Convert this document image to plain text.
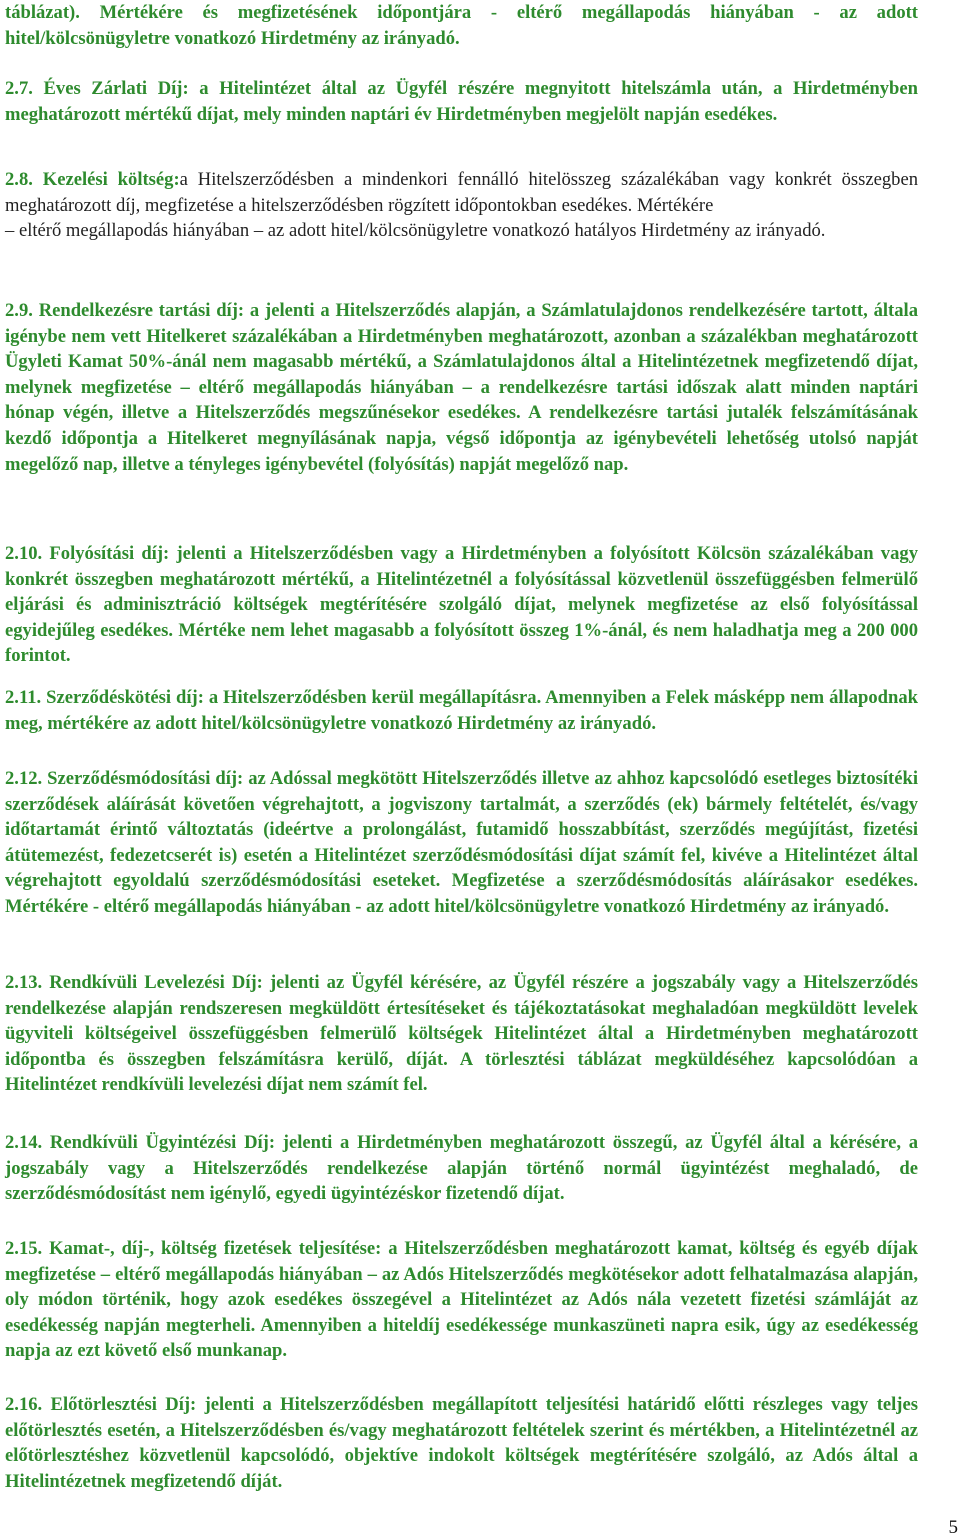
táblázat). Mértékére és megfizetésének időpontjára - eltérő megállapodás hiányában - az adott hitel/kölcsönügyletre vonatkozó Hirdetmény az irányadó.

2.7. Éves Zárlati Díj: a Hitelintézet által az Ügyfél részére megnyitott hitelszámla után, a Hirdetményben meghatározott mértékű díjat, mely minden naptári év Hirdetményben megjelölt napján esedékes.

2.8. Kezelési költség:a Hitelszerződésben a mindenkori fennálló hitelösszeg százalékában vagy konkrét összegben meghatározott díj, megfizetése a hitelszerződésben rögzített időpontokban esedékes. Mértékére

– eltérő megállapodás hiányában – az adott hitel/kölcsönügyletre vonatkozó hatályos Hirdetmény az irányadó.

2.9. Rendelkezésre tartási díj: a jelenti a Hitelszerződés alapján, a Számlatulajdonos rendelkezésére tartott, általa igénybe nem vett Hitelkeret százalékában a Hirdetményben meghatározott, azonban a százalékban meghatározott Ügyleti Kamat 50%-ánál nem magasabb mértékű, a Számlatulajdonos által a Hitelintézetnek megfizetendő díjat, melynek megfizetése – eltérő megállapodás hiányában – a rendelkezésre tartási időszak alatt minden naptári hónap végén, illetve a Hitelszerződés megszűnésekor esedékes. A rendelkezésre tartási jutalék felszámításának kezdő időpontja a Hitelkeret megnyílásának napja, végső időpontja az igénybevételi lehetőség utolsó napját megelőző nap, illetve a tényleges igénybevétel (folyósítás) napját megelőző nap.

2.10. Folyósítási díj: jelenti a Hitelszerződésben vagy a Hirdetményben a folyósított Kölcsön százalékában vagy konkrét összegben meghatározott mértékű, a Hitelintézetnél a folyósítással közvetlenül összefüggésben felmerülő eljárási és adminisztráció költségek megtérítésére szolgáló díjat, melynek megfizetése az első folyósítással egyidejűleg esedékes. Mértéke nem lehet magasabb a folyósított összeg 1%-ánál, és nem haladhatja meg a 200 000 forintot.

2.11. Szerződéskötési díj: a Hitelszerződésben kerül megállapításra. Amennyiben a Felek másképp nem állapodnak meg, mértékére az adott hitel/kölcsönügyletre vonatkozó Hirdetmény az irányadó.

2.12. Szerződésmódosítási díj: az Adóssal megkötött Hitelszerződés illetve az ahhoz kapcsolódó esetleges biztosítéki szerződések aláírását követően végrehajtott, a jogviszony tartalmát, a szerződés (ek) bármely feltételét, és/vagy időtartamát érintő változtatás (ideértve a prolongálást, futamidő hosszabbítást, szerződés megújítást, fizetési átütemezést, fedezetcserét is) esetén a Hitelintézet szerződésmódosítási díjat számít fel, kivéve a Hitelintézet által végrehajtott egyoldalú szerződésmódosítási eseteket. Megfizetése a szerződésmódosítás aláírásakor esedékes. Mértékére - eltérő megállapodás hiányában - az adott hitel/kölcsönügyletre vonatkozó Hirdetmény az irányadó.

2.13. Rendkívüli Levelezési Díj: jelenti az Ügyfél kérésére, az Ügyfél részére a jogszabály vagy a Hitelszerződés rendelkezése alapján rendszeresen megküldött értesítéseket és tájékoztatásokat meghaladóan megküldött levelek ügyviteli költségeivel összefüggésben felmerülő költségek Hitelintézet által a Hirdetményben meghatározott időpontba és összegben felszámításra kerülő, díját. A törlesztési táblázat megküldéséhez kapcsolódóan a Hitelintézet rendkívüli levelezési díjat nem számít fel.

2.14. Rendkívüli Ügyintézési Díj: jelenti a Hirdetményben meghatározott összegű, az Ügyfél által a kérésére, a jogszabály vagy a Hitelszerződés rendelkezése alapján történő normál ügyintézést meghaladó, de szerződésmódosítást nem igénylő, egyedi ügyintézéskor fizetendő díjat.

2.15. Kamat-, díj-, költség fizetések teljesítése: a Hitelszerződésben meghatározott kamat, költség és egyéb díjak megfizetése – eltérő megállapodás hiányában – az Adós Hitelszerződés megkötésekor adott felhatalmazása alapján, oly módon történik, hogy azok esedékes összegével a Hitelintézet az Adós nála vezetett fizetési számláját az esedékesség napján megterheli. Amennyiben a hiteldíj esedékessége munkaszüneti napra esik, úgy az esedékesség napja az ezt követő első munkanap.

2.16. Előtörlesztési Díj: jelenti a Hitelszerződésben megállapított teljesítési határidő előtti részleges vagy teljes előtörlesztés esetén, a Hitelszerződésben és/vagy meghatározott feltételek szerint és mértékben, a Hitelintézetnél az előtörlesztéshez közvetlenül kapcsolódó, objektíve indokolt költségek megtérítésére szolgáló, az Adós által a Hitelintézetnek megfizetendő díját.

5
